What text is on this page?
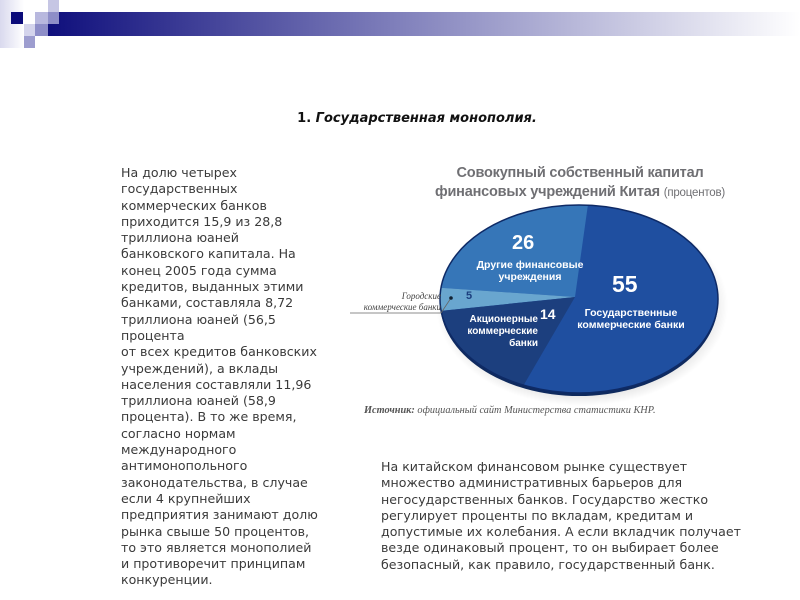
1. Государственная монополия.
На долю четырех
государственных
коммерческих банков
приходится 15,9 из 28,8
триллиона юаней
банковского капитала. На
конец 2005 года сумма
кредитов, выданных этими
банками, составляла 8,72
триллиона юаней (56,5
процента
от всех кредитов банковских
учреждений), а вклады
населения составляли 11,96
триллиона юаней (58,9
процента). В то же время,
согласно нормам
международного
антимонопольного
законодательства, в случае
если 4 крупнейших
предприятия занимают долю
рынка свыше 50 процентов,
то это является монополией
и противоречит принципам
конкуренции.
Совокупный собственный капитал
финансовых учреждений Китая (процентов)
Городские
коммерческие банки
26
Другие финансовые
учреждения	55
Государственные
коммерческие банки
5
14
Акционерные
коммерческие
банки
Источник: официальный сайт Министерства статистики КНР.
На китайском финансовом рынке существует
множество административных барьеров для
негосударственных банков. Государство жестко
регулирует проценты по вкладам, кредитам и
допустимые их колебания. А если вкладчик получает
везде одинаковый процент, то он выбирает более
безопасный, как правило, государственный банк.
